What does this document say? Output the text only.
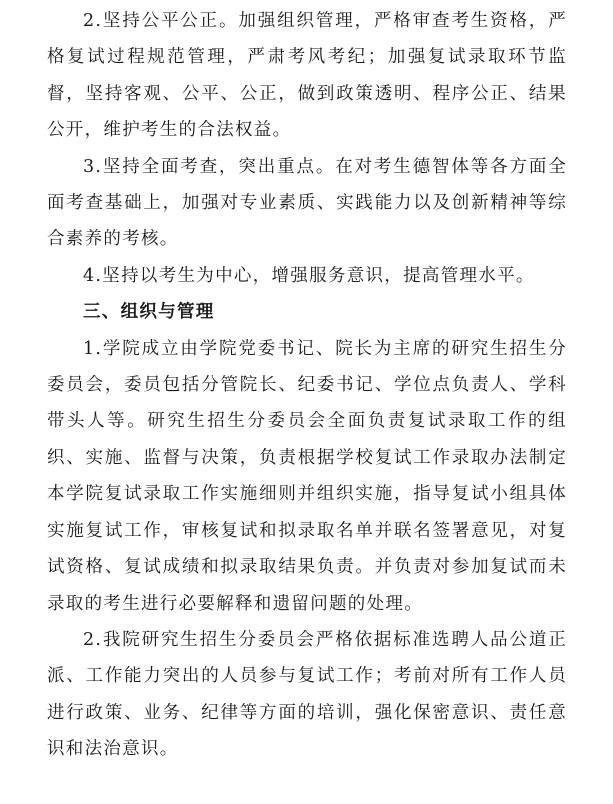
2.坚持公平公正。加强组织管理，严格审查考生资格，严格复试过程规范管理，严肃考风考纪；加强复试录取环节监督，坚持客观、公平、公正，做到政策透明、程序公正、结果公开，维护考生的合法权益。

3.坚持全面考查，突出重点。在对考生德智体等各方面全面考查基础上，加强对专业素质、实践能力以及创新精神等综合素养的考核。

4.坚持以考生为中心，增强服务意识，提高管理水平。

三、组织与管理

1.学院成立由学院党委书记、院长为主席的研究生招生分委员会，委员包括分管院长、纪委书记、学位点负责人、学科带头人等。研究生招生分委员会全面负责复试录取工作的组织、实施、监督与决策，负责根据学校复试工作录取办法制定本学院复试录取工作实施细则并组织实施，指导复试小组具体实施复试工作，审核复试和拟录取名单并联名签署意见，对复试资格、复试成绩和拟录取结果负责。并负责对参加复试而未录取的考生进行必要解释和遗留问题的处理。

2.我院研究生招生分委员会严格依据标准选聘人品公道正派、工作能力突出的人员参与复试工作；考前对所有工作人员进行政策、业务、纪律等方面的培训，强化保密意识、责任意识和法治意识。
